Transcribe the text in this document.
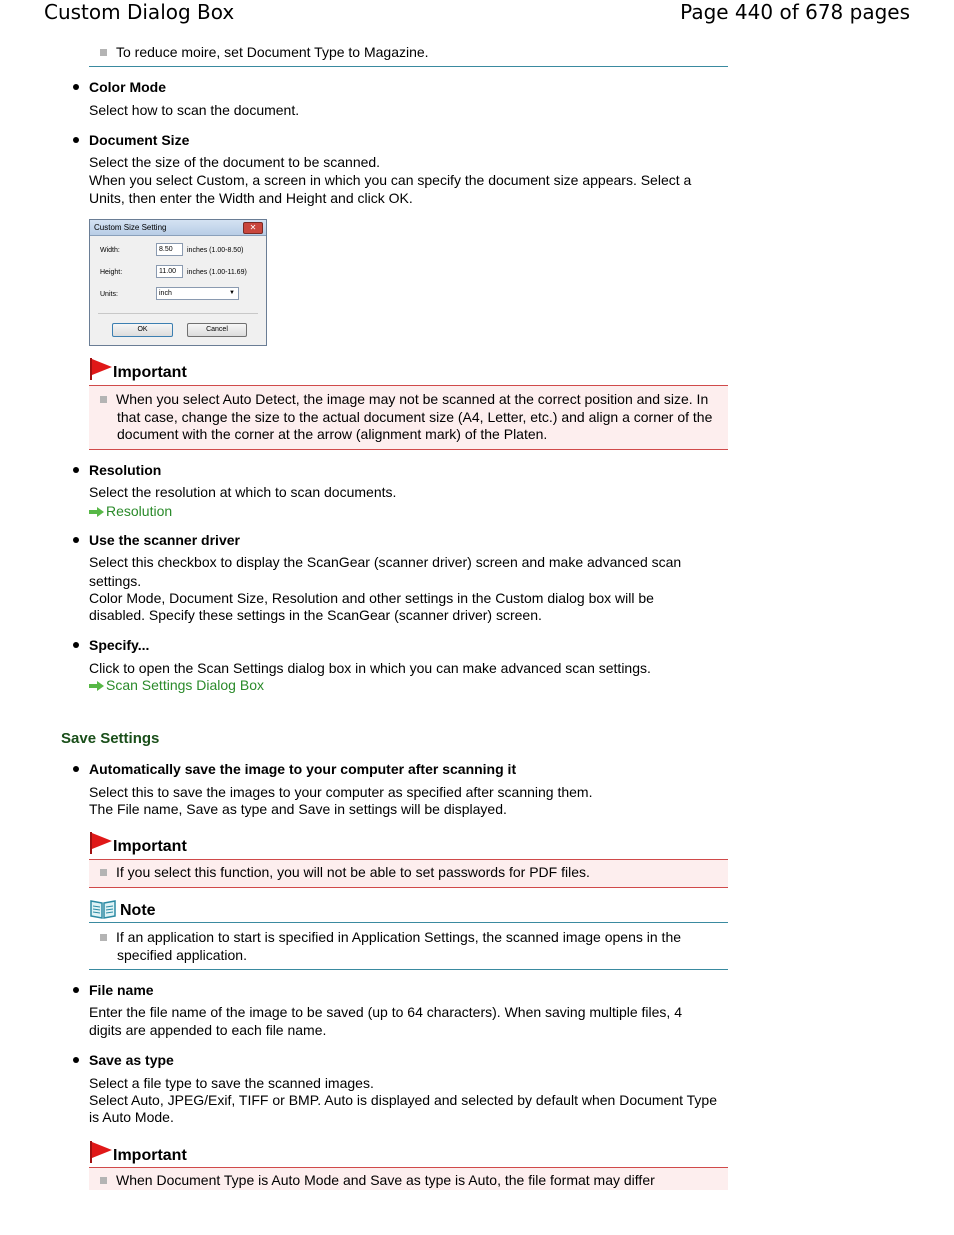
Custom Dialog Box	Page 440 of 678 pages
To reduce moire, set Document Type to Magazine.
Color Mode
Select how to scan the document.
Document Size
Select the size of the document to be scanned.
When you select Custom, a screen in which you can specify the document size appears. Select a
Units, then enter the Width and Height and click OK.
Custom Size Setting	✕
Width:	8.50	inches (1.00-8.50)
Height:	11.00	inches (1.00-11.69)
Units:	inch	▼
OK	Cancel
Important
When you select Auto Detect, the image may not be scanned at the correct position and size. In
that case, change the size to the actual document size (A4, Letter, etc.) and align a corner of the
document with the corner at the arrow (alignment mark) of the Platen.
Resolution
Select the resolution at which to scan documents.
Resolution
Use the scanner driver
Select this checkbox to display the ScanGear (scanner driver) screen and make advanced scan
settings.
Color Mode, Document Size, Resolution and other settings in the Custom dialog box will be
disabled. Specify these settings in the ScanGear (scanner driver) screen.
Specify...
Click to open the Scan Settings dialog box in which you can make advanced scan settings.
Scan Settings Dialog Box
Save Settings
Automatically save the image to your computer after scanning it
Select this to save the images to your computer as specified after scanning them.
The File name, Save as type and Save in settings will be displayed.
Important
If you select this function, you will not be able to set passwords for PDF files.
Note
If an application to start is specified in Application Settings, the scanned image opens in the
specified application.
File name
Enter the file name of the image to be saved (up to 64 characters). When saving multiple files, 4
digits are appended to each file name.
Save as type
Select a file type to save the scanned images.
Select Auto, JPEG/Exif, TIFF or BMP. Auto is displayed and selected by default when Document Type
is Auto Mode.
Important
When Document Type is Auto Mode and Save as type is Auto, the file format may differ
